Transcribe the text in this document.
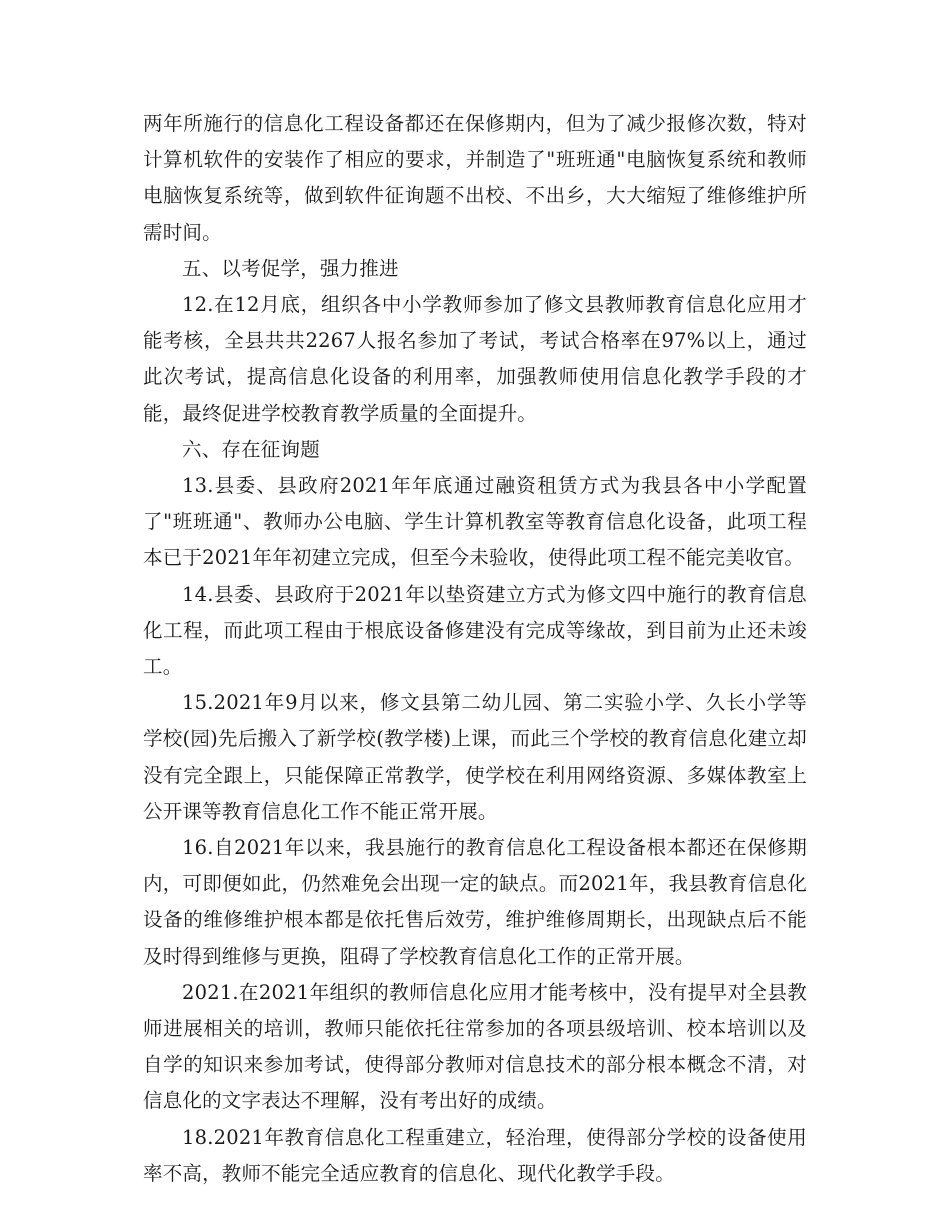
两年所施行的信息化工程设备都还在保修期内，但为了减少报修次数，特对计算机软件的安装作了相应的要求，并制造了"班班通"电脑恢复系统和教师电脑恢复系统等，做到软件征询题不出校、不出乡，大大缩短了维修维护所需时间。

五、以考促学，强力推进

12.在12月底，组织各中小学教师参加了修文县教师教育信息化应用才能考核，全县共共2267人报名参加了考试，考试合格率在97%以上，通过此次考试，提高信息化设备的利用率，加强教师使用信息化教学手段的才能，最终促进学校教育教学质量的全面提升。

六、存在征询题

13.县委、县政府2021年年底通过融资租赁方式为我县各中小学配置了"班班通"、教师办公电脑、学生计算机教室等教育信息化设备，此项工程本已于2021年年初建立完成，但至今未验收，使得此项工程不能完美收官。

14.县委、县政府于2021年以垫资建立方式为修文四中施行的教育信息化工程，而此项工程由于根底设备修建没有完成等缘故，到目前为止还未竣工。

15.2021年9月以来，修文县第二幼儿园、第二实验小学、久长小学等学校(园)先后搬入了新学校(教学楼)上课，而此三个学校的教育信息化建立却没有完全跟上，只能保障正常教学，使学校在利用网络资源、多媒体教室上公开课等教育信息化工作不能正常开展。

16.自2021年以来，我县施行的教育信息化工程设备根本都还在保修期内，可即便如此，仍然难免会出现一定的缺点。而2021年，我县教育信息化设备的维修维护根本都是依托售后效劳，维护维修周期长，出现缺点后不能及时得到维修与更换，阻碍了学校教育信息化工作的正常开展。

2021.在2021年组织的教师信息化应用才能考核中，没有提早对全县教师进展相关的培训，教师只能依托往常参加的各项县级培训、校本培训以及自学的知识来参加考试，使得部分教师对信息技术的部分根本概念不清，对信息化的文字表达不理解，没有考出好的成绩。

18.2021年教育信息化工程重建立，轻治理，使得部分学校的设备使用率不高，教师不能完全适应教育的信息化、现代化教学手段。
